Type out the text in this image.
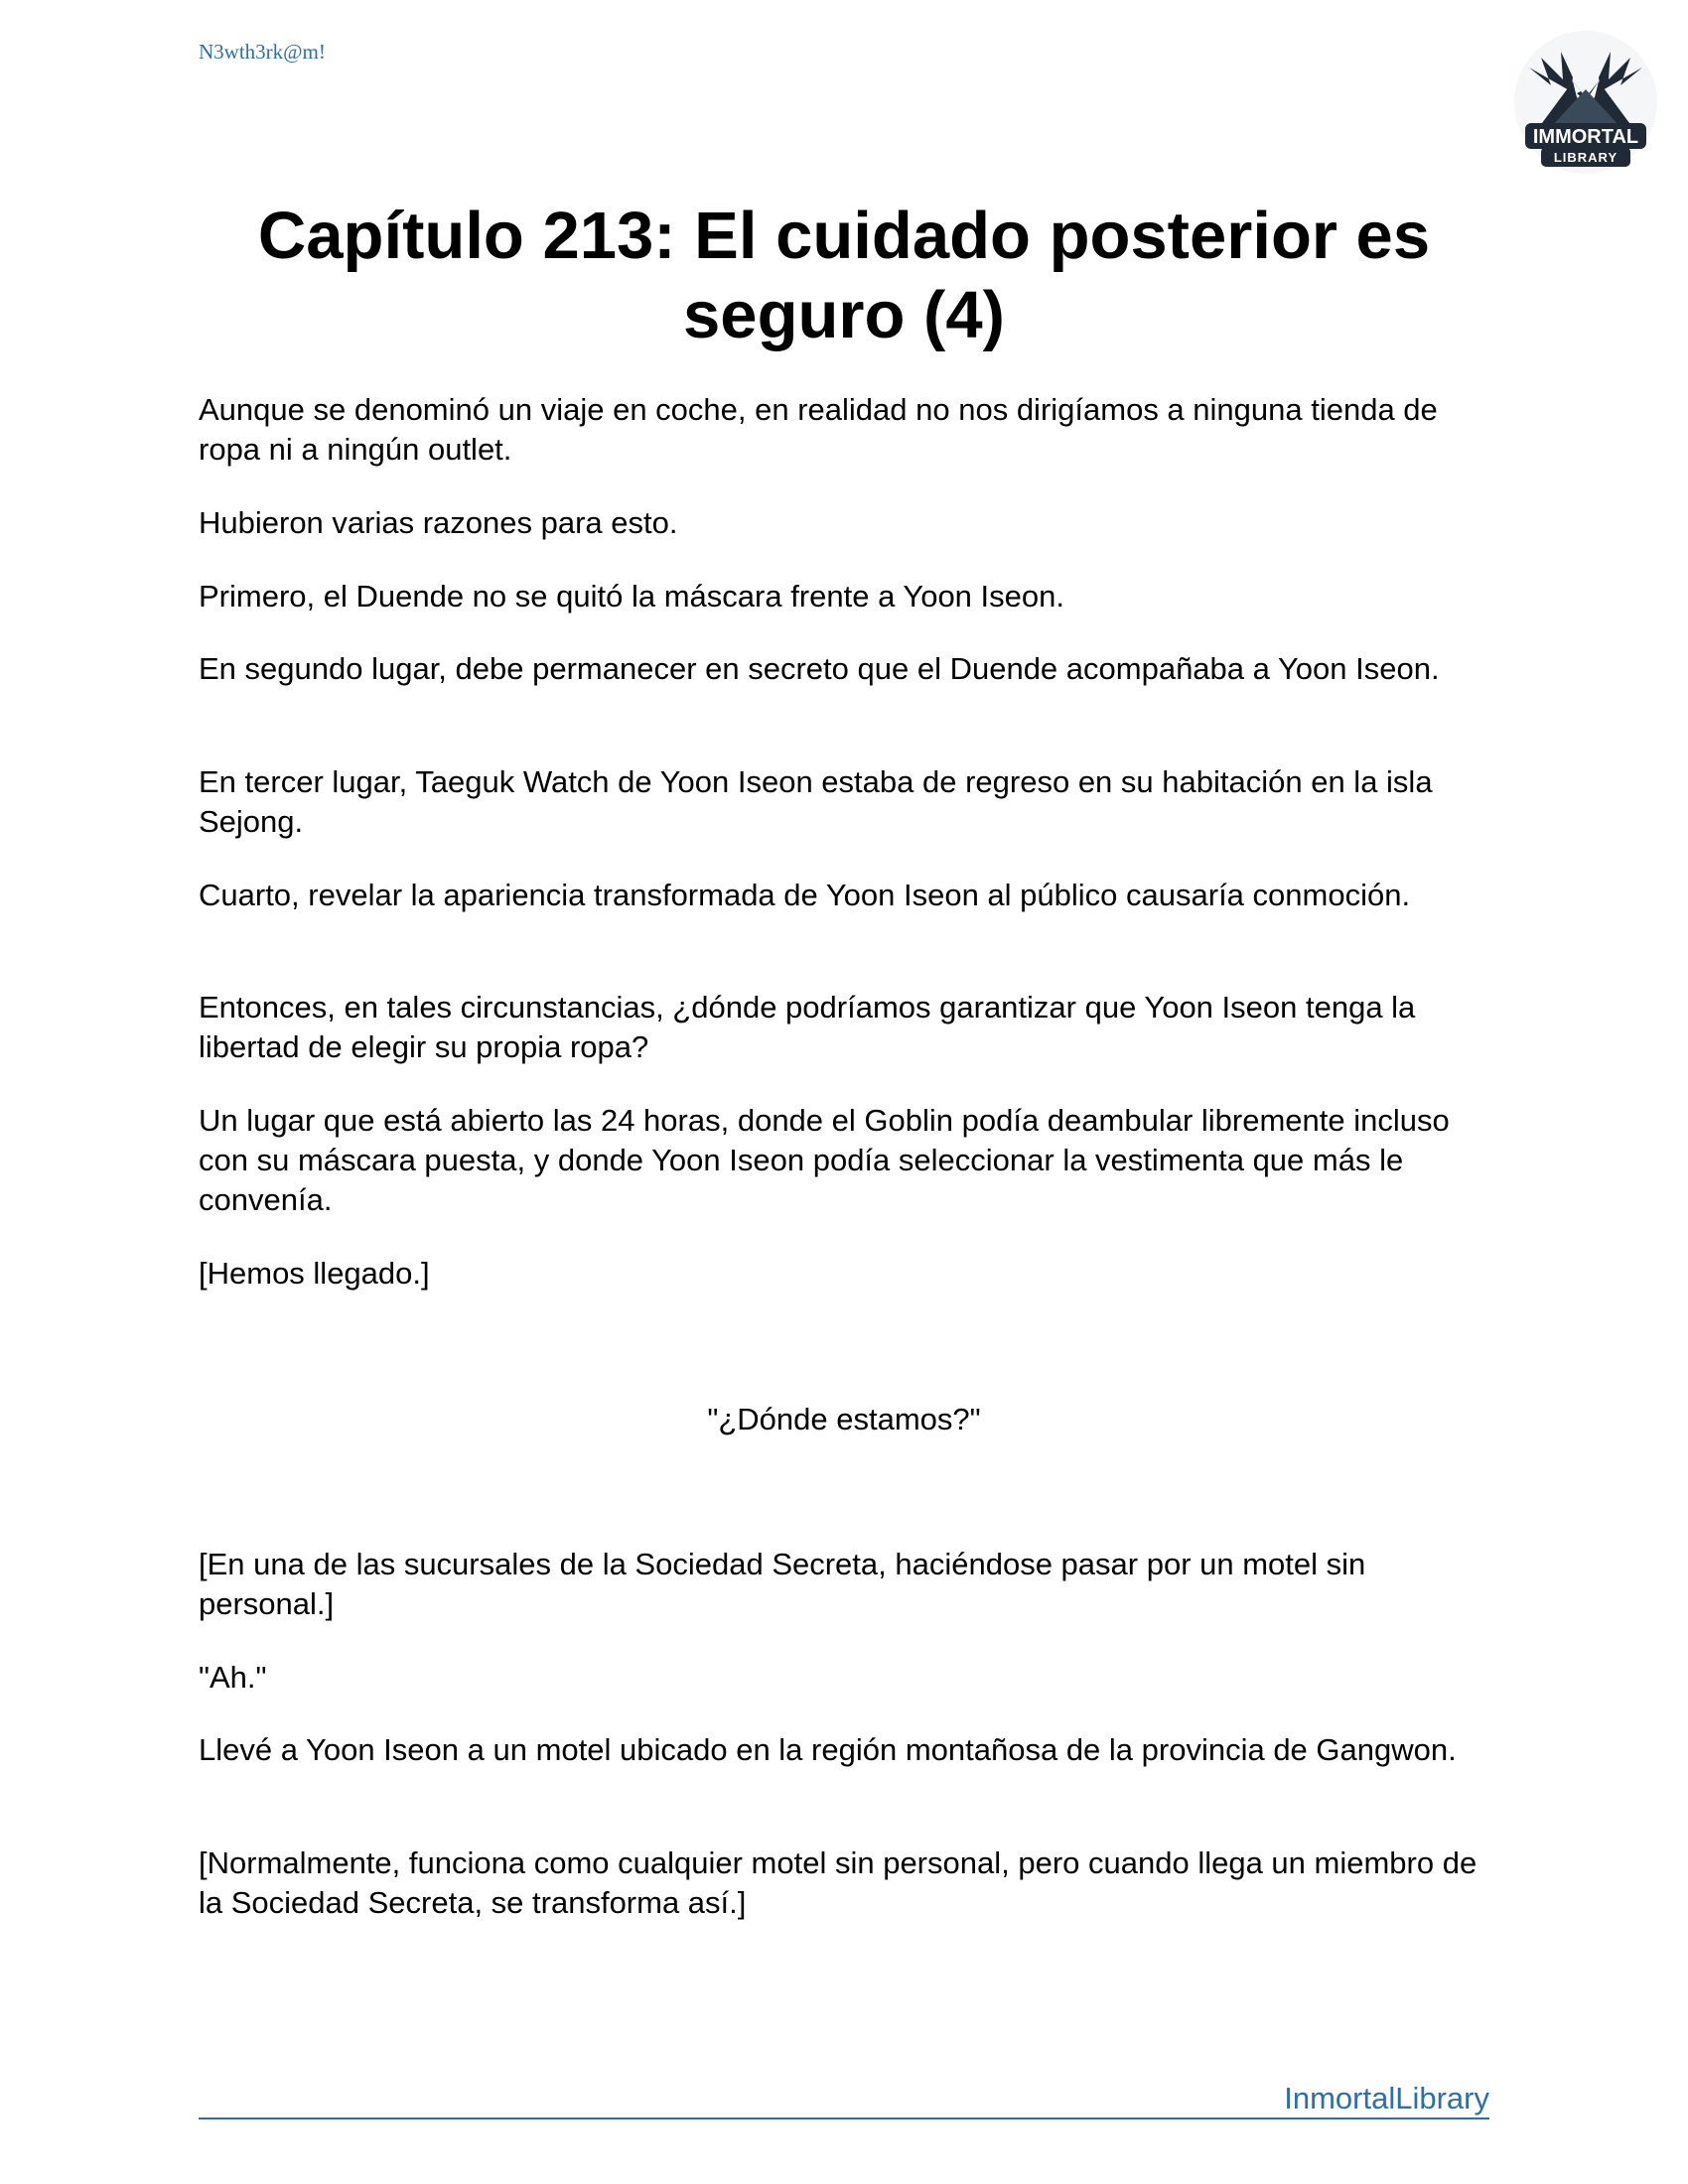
N3wth3rk@m!
IMMORTAL
LIBRARY
Capítulo 213: El cuidado posterior es seguro (4)

Aunque se denominó un viaje en coche, en realidad no nos dirigíamos a ninguna tienda de ropa ni a ningún outlet.

Hubieron varias razones para esto.

Primero, el Duende no se quitó la máscara frente a Yoon Iseon.

En segundo lugar, debe permanecer en secreto que el Duende acompañaba a Yoon Iseon.

En tercer lugar, Taeguk Watch de Yoon Iseon estaba de regreso en su habitación en la isla Sejong.

Cuarto, revelar la apariencia transformada de Yoon Iseon al público causaría conmoción.

Entonces, en tales circunstancias, ¿dónde podríamos garantizar que Yoon Iseon tenga la libertad de elegir su propia ropa?

Un lugar que está abierto las 24 horas, donde el Goblin podía deambular libremente incluso con su máscara puesta, y donde Yoon Iseon podía seleccionar la vestimenta que más le convenía.

[Hemos llegado.]

"¿Dónde estamos?"

[En una de las sucursales de la Sociedad Secreta, haciéndose pasar por un motel sin personal.]

"Ah."

Llevé a Yoon Iseon a un motel ubicado en la región montañosa de la provincia de Gangwon.

[Normalmente, funciona como cualquier motel sin personal, pero cuando llega un miembro de la Sociedad Secreta, se transforma así.]

InmortalLibrary
